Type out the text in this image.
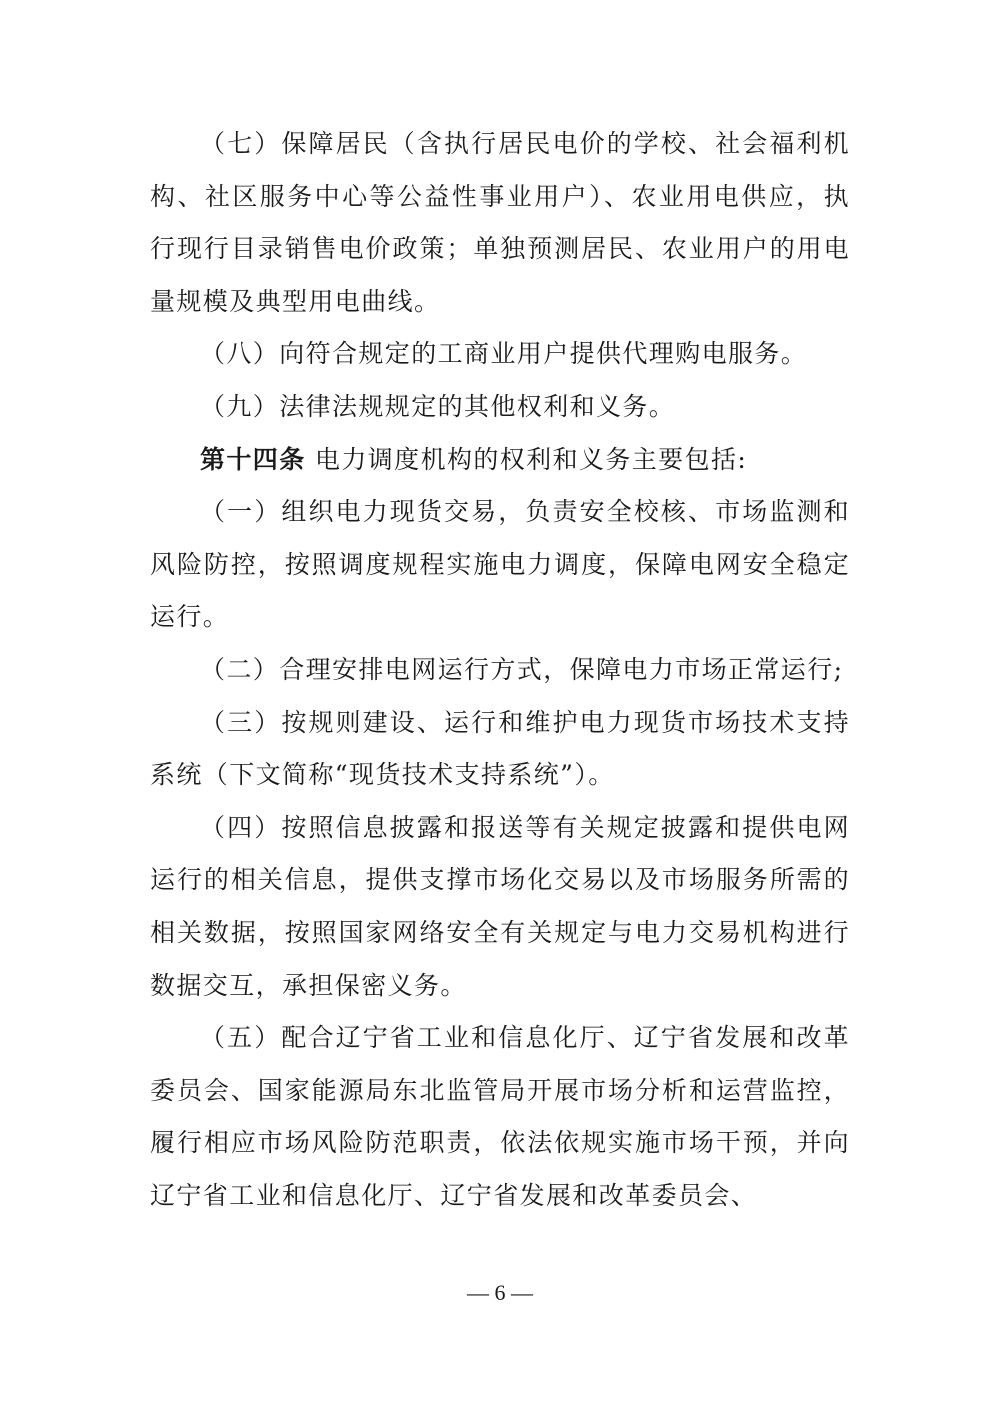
（七）保障居民（含执行居民电价的学校、社会福利机构、社区服务中心等公益性事业用户）、农业用电供应，执行现行目录销售电价政策；单独预测居民、农业用户的用电量规模及典型用电曲线。

（八）向符合规定的工商业用户提供代理购电服务。

（九）法律法规规定的其他权利和义务。

第十四条 电力调度机构的权利和义务主要包括:

（一）组织电力现货交易，负责安全校核、市场监测和风险防控，按照调度规程实施电力调度，保障电网安全稳定运行。

（二）合理安排电网运行方式，保障电力市场正常运行;

（三）按规则建设、运行和维护电力现货市场技术支持系统（下文简称“现货技术支持系统”）。

（四）按照信息披露和报送等有关规定披露和提供电网运行的相关信息，提供支撑市场化交易以及市场服务所需的相关数据，按照国家网络安全有关规定与电力交易机构进行数据交互，承担保密义务。

（五）配合辽宁省工业和信息化厅、辽宁省发展和改革委员会、国家能源局东北监管局开展市场分析和运营监控，履行相应市场风险防范职责，依法依规实施市场干预，并向辽宁省工业和信息化厅、辽宁省发展和改革委员会、

— 6 —
